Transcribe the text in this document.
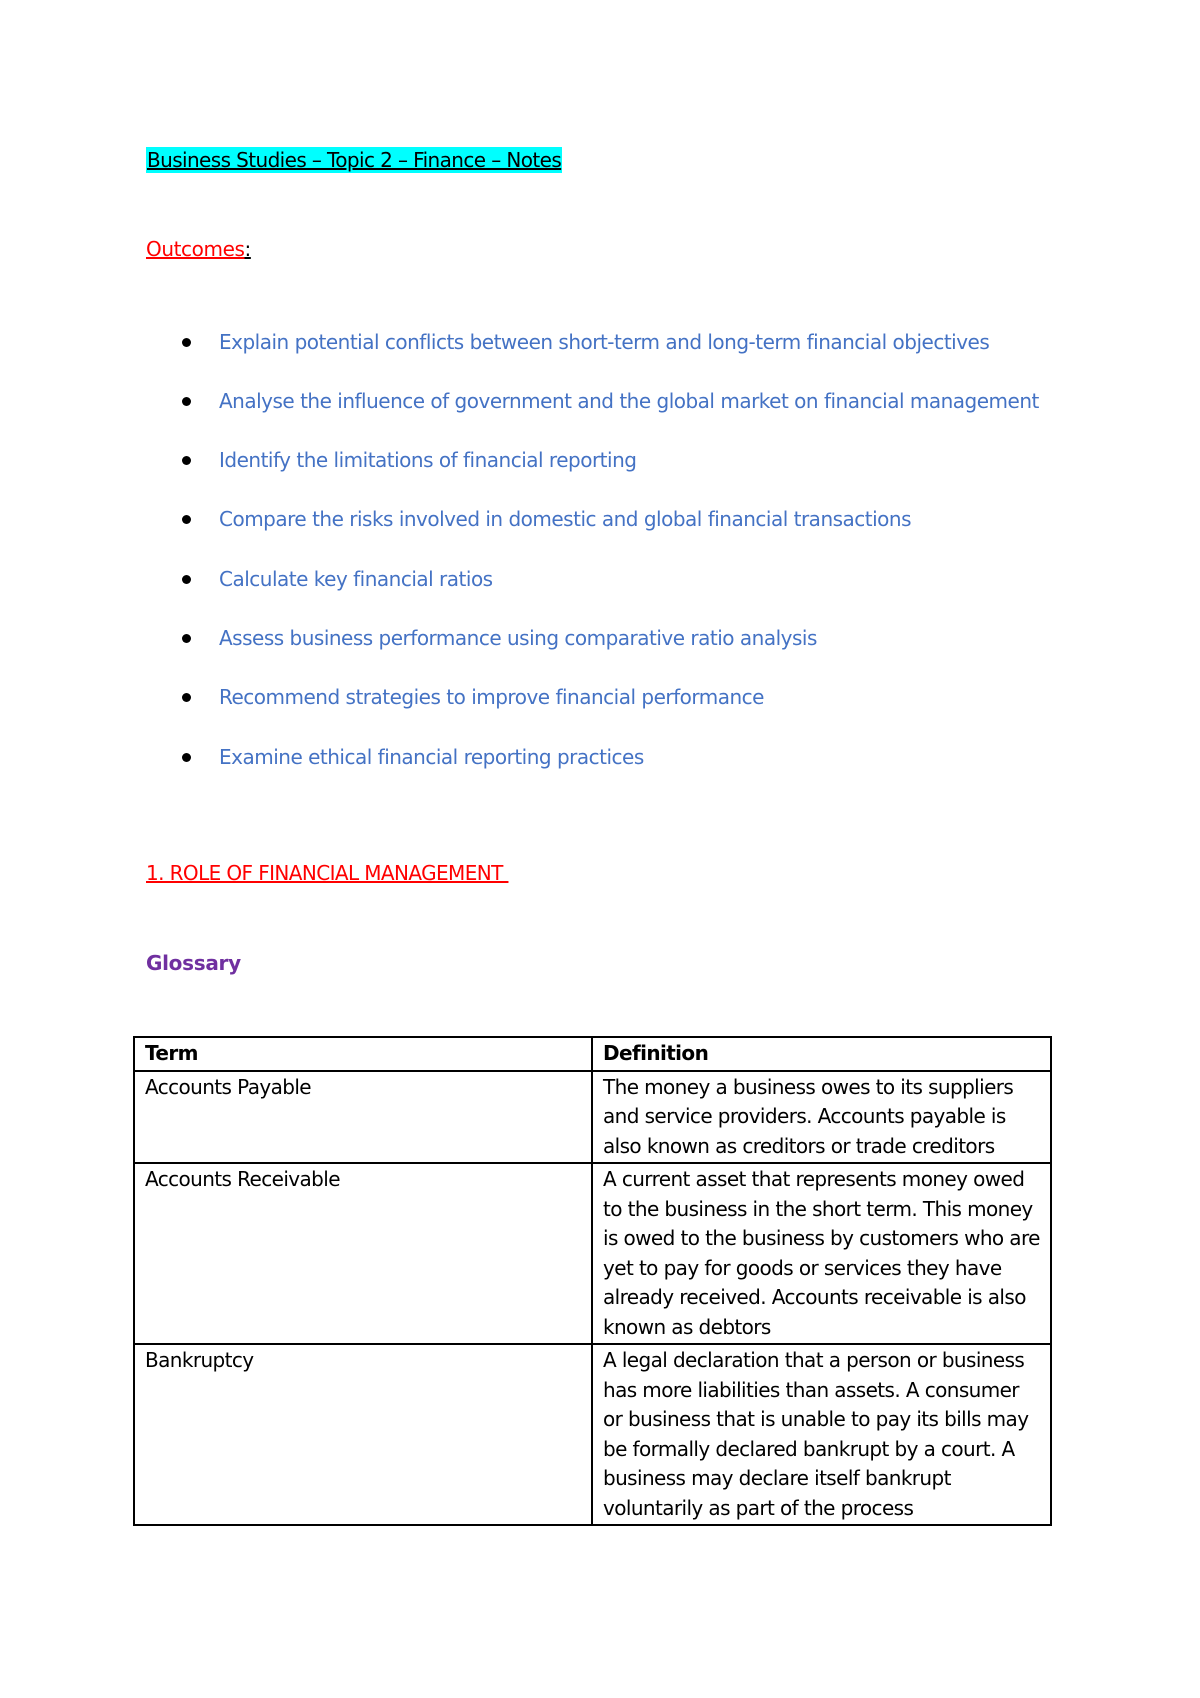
Business Studies – Topic 2 – Finance – Notes
Outcomes:
Explain potential conflicts between short-term and long-term financial objectives
Analyse the influence of government and the global market on financial management
Identify the limitations of financial reporting
Compare the risks involved in domestic and global financial transactions
Calculate key financial ratios
Assess business performance using comparative ratio analysis
Recommend strategies to improve financial performance
Examine ethical financial reporting practices
1. ROLE OF FINANCIAL MANAGEMENT
Glossary
Term	Definition
Accounts Payable	The money a business owes to its suppliers and service providers. Accounts payable is also known as creditors or trade creditors
Accounts Receivable	A current asset that represents money owed to the business in the short term. This money is owed to the business by customers who are yet to pay for goods or services they have already received. Accounts receivable is also known as debtors
Bankruptcy	A legal declaration that a person or business has more liabilities than assets. A consumer or business that is unable to pay its bills may be formally declared bankrupt by a court. A business may declare itself bankrupt voluntarily as part of the process
